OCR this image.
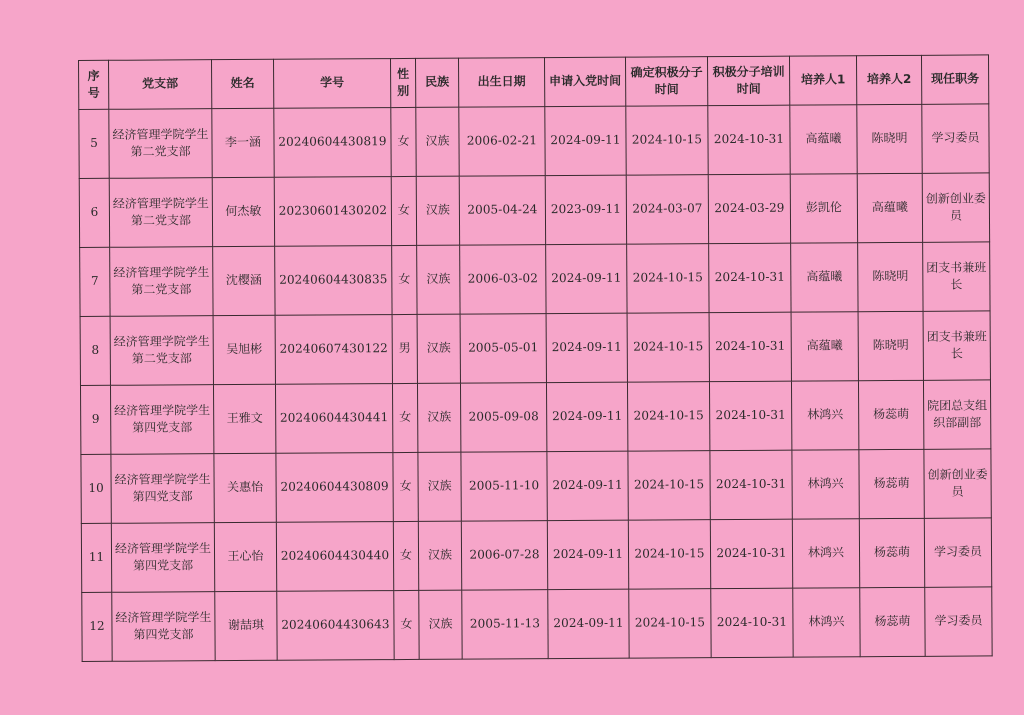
序号	党支部	姓名	学号	性别	民族	出生日期	申请入党时间	确定积极分子时间	积极分子培训时间	培养人1	培养人2	现任职务
5	经济管理学院学生第二党支部	李一涵	20240604430819	女	汉族	2006-02-21	2024-09-11	2024-10-15	2024-10-31	高蕴曦	陈晓明	学习委员
6	经济管理学院学生第二党支部	何杰敏	20230601430202	女	汉族	2005-04-24	2023-09-11	2024-03-07	2024-03-29	彭凯伦	高蕴曦	创新创业委员
7	经济管理学院学生第二党支部	沈樱涵	20240604430835	女	汉族	2006-03-02	2024-09-11	2024-10-15	2024-10-31	高蕴曦	陈晓明	团支书兼班长
8	经济管理学院学生第二党支部	吴旭彬	20240607430122	男	汉族	2005-05-01	2024-09-11	2024-10-15	2024-10-31	高蕴曦	陈晓明	团支书兼班长
9	经济管理学院学生第四党支部	王雅文	20240604430441	女	汉族	2005-09-08	2024-09-11	2024-10-15	2024-10-31	林鸿兴	杨蕊萌	院团总支组织部副部
10	经济管理学院学生第四党支部	关惠怡	20240604430809	女	汉族	2005-11-10	2024-09-11	2024-10-15	2024-10-31	林鸿兴	杨蕊萌	创新创业委员
11	经济管理学院学生第四党支部	王心怡	20240604430440	女	汉族	2006-07-28	2024-09-11	2024-10-15	2024-10-31	林鸿兴	杨蕊萌	学习委员
12	经济管理学院学生第四党支部	谢喆琪	20240604430643	女	汉族	2005-11-13	2024-09-11	2024-10-15	2024-10-31	林鸿兴	杨蕊萌	学习委员
